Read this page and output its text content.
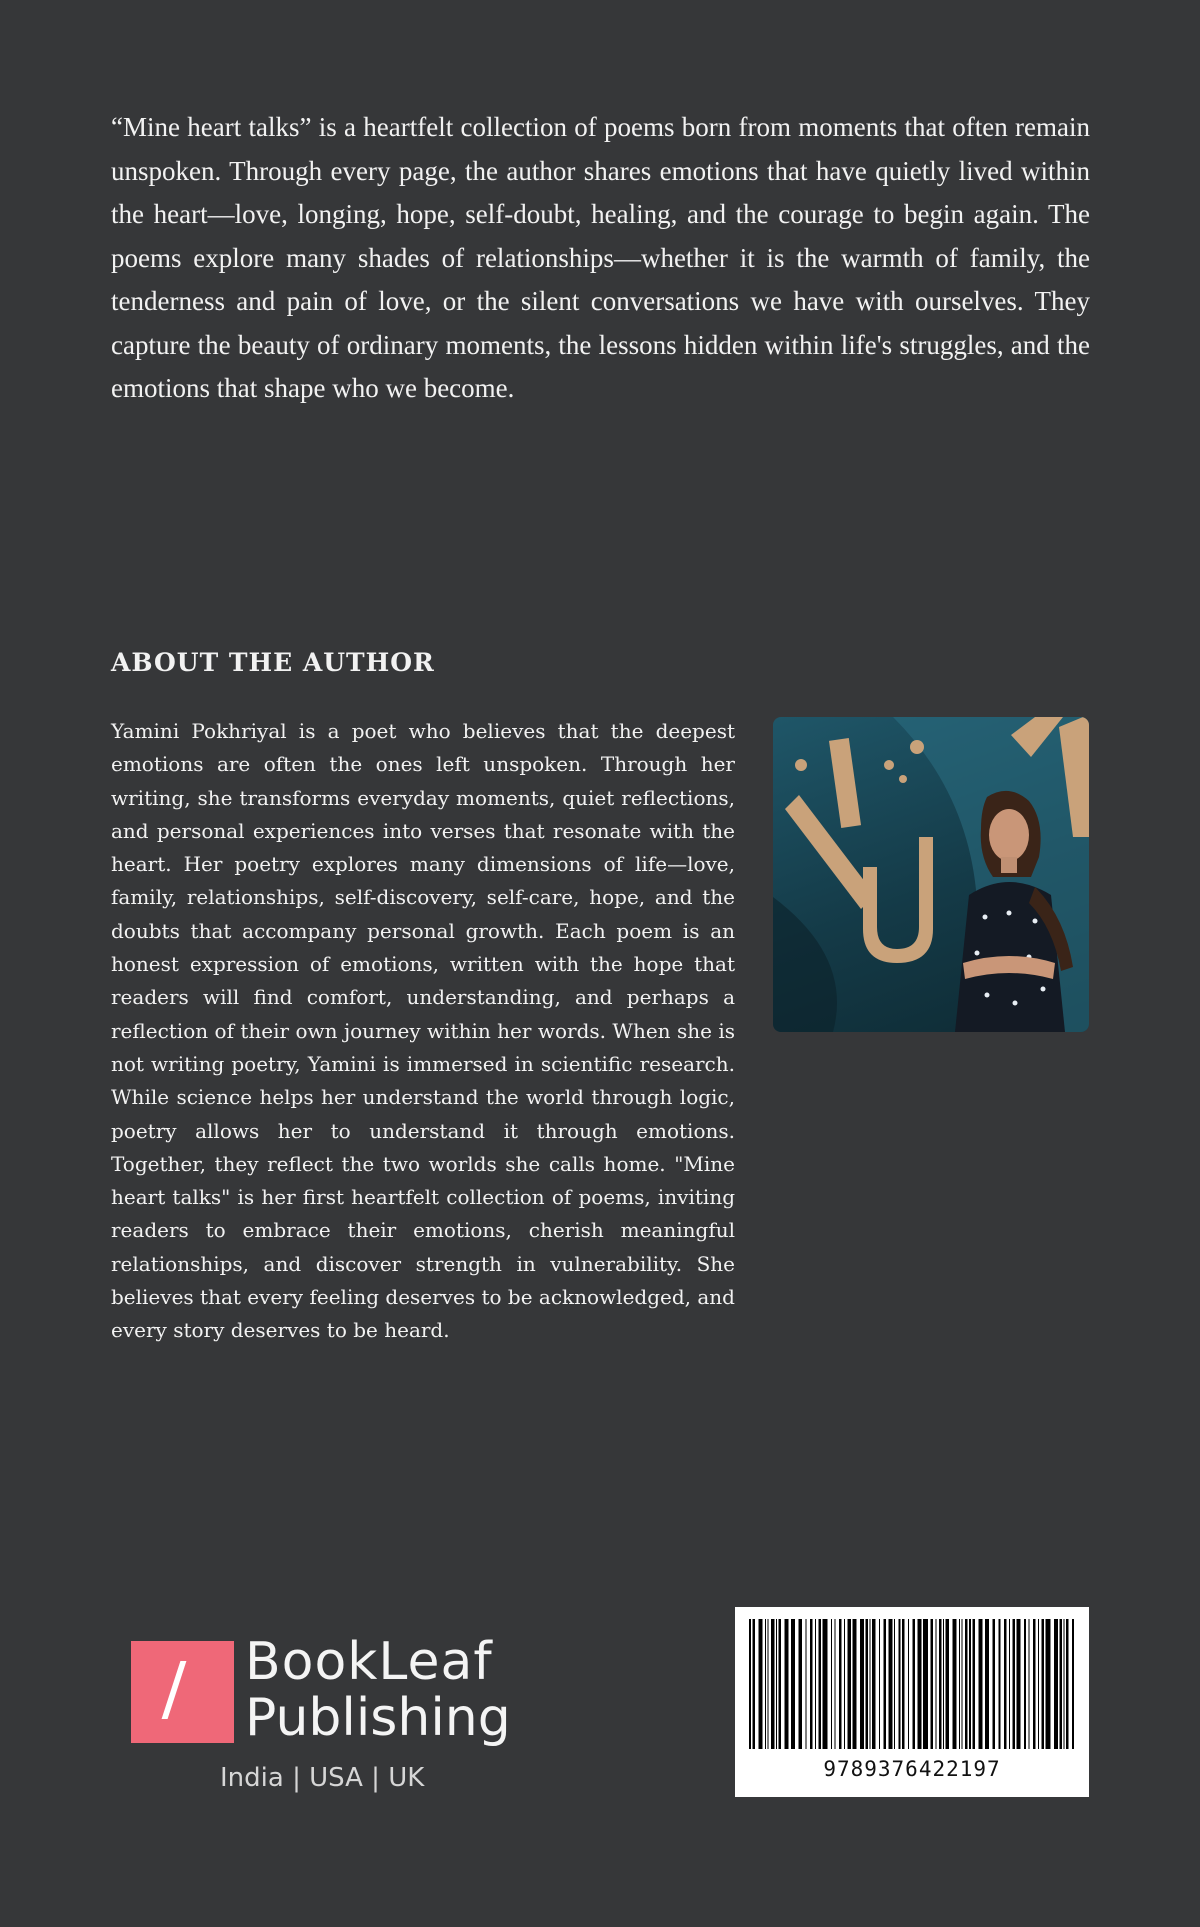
“Mine heart talks” is a heartfelt collection of poems born from moments that often remain unspoken. Through every page, the author shares emotions that have quietly lived within the heart—love, longing, hope, self-doubt, healing, and the courage to begin again. The poems explore many shades of relationships—whether it is the warmth of family, the tenderness and pain of love, or the silent conversations we have with ourselves. They capture the beauty of ordinary moments, the lessons hidden within life's struggles, and the emotions that shape who we become.

ABOUT THE AUTHOR

Yamini Pokhriyal is a poet who believes that the deepest emotions are often the ones left unspoken. Through her writing, she transforms everyday moments, quiet reflections, and personal experiences into verses that resonate with the heart. Her poetry explores many dimensions of life—love, family, relationships, self-discovery, self-care, hope, and the doubts that accompany personal growth. Each poem is an honest expression of emotions, written with the hope that readers will find comfort, understanding, and perhaps a reflection of their own journey within her words. When she is not writing poetry, Yamini is immersed in scientific research. While science helps her understand the world through logic, poetry allows her to understand it through emotions. Together, they reflect the two worlds she calls home. "Mine heart talks" is her first heartfelt collection of poems, inviting readers to embrace their emotions, cherish meaningful relationships, and discover strength in vulnerability. She believes that every feeling deserves to be acknowledged, and every story deserves to be heard.

BookLeaf

Publishing

India | USA | UK	9789376422197
